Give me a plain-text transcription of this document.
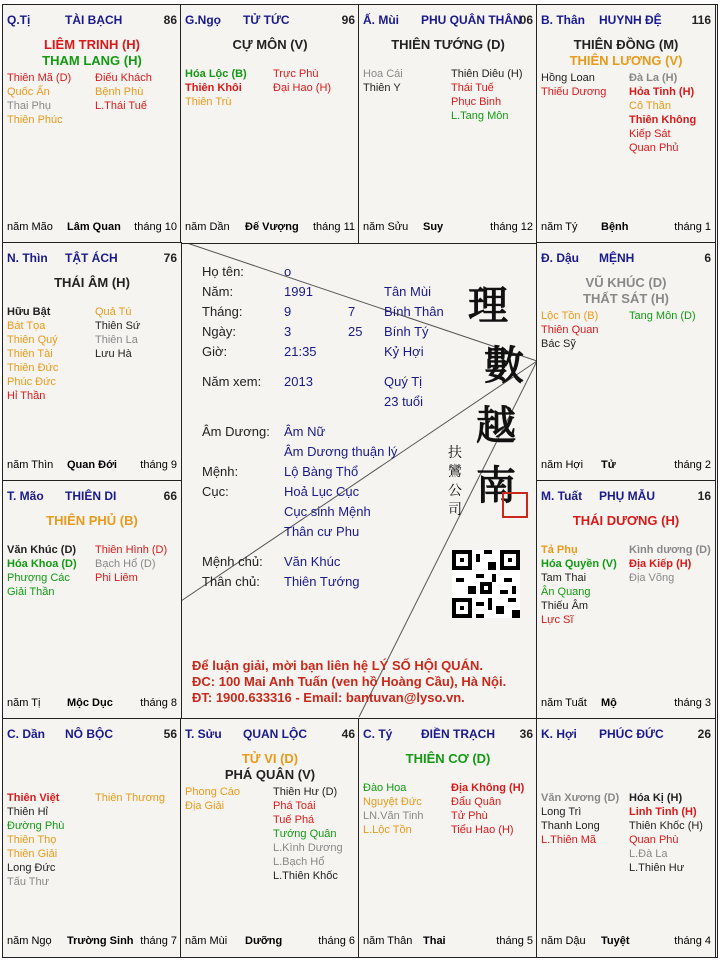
Họ tên:	o
Năm:	1991	Tân Mùi
Tháng:	9	7 Bính Thân
Ngày:	3	25 Bính Tý
Giờ:	21:35	Kỷ Hợi
Năm xem: 2013	Quý Tị
23 tuổi
Âm Dương: Âm Nữ
Âm Dương thuận lý
Mệnh:	Lộ Bàng Thổ
Cục:	Hoả Lục Cục
Cục sinh Mệnh
Thân cư Phu
Mệnh chủ: Văn Khúc
Thân chủ: Thiên Tướng
理
數
越
南
扶鸞公司
Để luận giải, mời bạn liên hệ LÝ SỐ HỘI QUÁN.
ĐC: 100 Mai Anh Tuấn (ven hồ Hoàng Cầu), Hà Nội.
ĐT: 1900.633316 - Email: bantuvan@lyso.vn.
Q.Tị	TÀI BẠCH	86
LIÊM TRINH (H)
THAM LANG (H)
Thiên Mã (D)
Quốc Ấn
Thai Phụ
Thiên Phúc
Điếu Khách
Bệnh Phù
L.Thái Tuế
năm Mão Lâm Quan tháng 10
G.Ngọ TỬ TỨC	96
CỰ MÔN (V)
Hóa Lộc (B)
Thiên Khôi
Thiên Trù
Trực Phù
Đại Hao (H)
năm Dần Đế Vượng tháng 11
Ấ. Mùi PHU QUÂN THÂN
06
THIÊN TƯỚNG (D)
Hoa Cái
Thiên Y
Thiên Diêu (H)
Thái Tuế
Phục Binh
L.Tang Môn
năm Sửu Suy	tháng 12
B. Thân HUYNH ĐỆ 116
THIÊN ĐỒNG (M)
THIÊN LƯƠNG (V)
Hồng Loan
Thiếu Dương
Đà La (H)
Hỏa Tinh (H)
Cô Thần
Thiên Không
Kiếp Sát
Quan Phủ
năm Tý Bệnh	tháng 1
N. Thìn TẬT ÁCH	76
THÁI ÂM (H)
Hữu Bật
Bát Tọa
Thiên Quý
Thiên Tài
Thiên Đức
Phúc Đức
Hỉ Thần
Quả Tú
Thiên Sứ
Thiên La
Lưu Hà
năm Thìn Quan Đới tháng 9
Đ. Dậu MỆNH	6
VŨ KHÚC (D)
THẤT SÁT (H)
Lộc Tồn (B)
Thiên Quan
Bác Sỹ
Tang Môn (D)
năm Hợi Tử	tháng 2
T. Mão THIÊN DI	66
THIÊN PHỦ (B)
Văn Khúc (D)
Hóa Khoa (D)
Phượng Các
Giải Thần
Thiên Hình (D)
Bạch Hổ (D)
Phi Liêm
năm Tị Mộc Dục tháng 8
M. Tuất PHỤ MẪU	16
THÁI DƯƠNG (H)
Tả Phụ
Hóa Quyền (V)
Tam Thai
Ân Quang
Thiếu Âm
Lực Sĩ
Kình dương (D)
Địa Kiếp (H)
Địa Võng
năm Tuất Mộ	tháng 3
C. Dần NÔ BỘC	56
Thiên Việt
Thiên Hỉ
Đường Phù
Thiên Thọ
Thiên Giải
Long Đức
Tấu Thư
Thiên Thương
năm Ngọ Trường Sinh tháng 7
T. Sửu QUAN LỘC	46
TỬ VI (D)
PHÁ QUÂN (V)
Phong Cáo
Địa Giải
Thiên Hư (D)
Phá Toái
Tuế Phá
Tướng Quân
L.Kình Dương
L.Bạch Hổ
L.Thiên Khốc
năm Mùi Dưỡng	tháng 6
C. Tý ĐIỀN TRẠCH 36
THIÊN CƠ (D)
Đào Hoa
Nguyệt Đức
LN.Văn Tinh
L.Lộc Tồn
Địa Không (H)
Đẩu Quân
Tử Phù
Tiểu Hao (H)
năm Thân Thai	tháng 5
K. Hợi PHÚC ĐỨC	26
Văn Xương (D)
Long Trì
Thanh Long
L.Thiên Mã
Hóa Kị (H)
Linh Tinh (H)
Thiên Khốc (H)
Quan Phù
L.Đà La
L.Thiên Hư
năm Dậu Tuyệt	tháng 4
